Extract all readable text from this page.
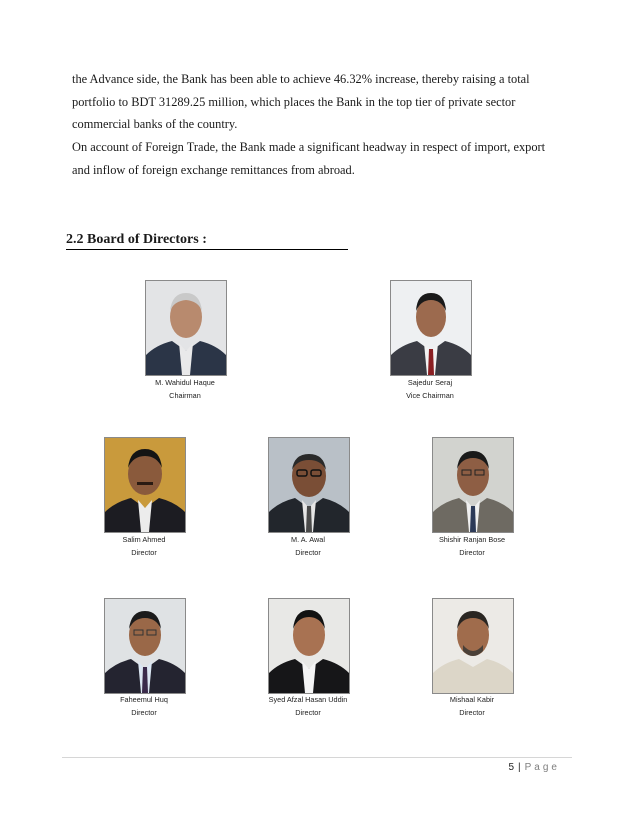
the Advance side, the Bank has been able to achieve 46.32% increase, thereby raising a total
portfolio to BDT 31289.25 million, which places the Bank in the top tier of private sector
commercial banks of the country.
On account of Foreign Trade, the Bank made a significant headway in respect of import, export
and inflow of foreign exchange remittances from abroad.
2.2 Board of Directors :
M. Wahidul Haque
Chairman
Sajedur Seraj
Vice Chairman
Salim Ahmed
Director
M. A. Awal
Director
Shishir Ranjan Bose
Director
Faheemul Huq
Director
Syed Afzal Hasan Uddin
Director
Mishaal Kabir
Director
5 | Page
